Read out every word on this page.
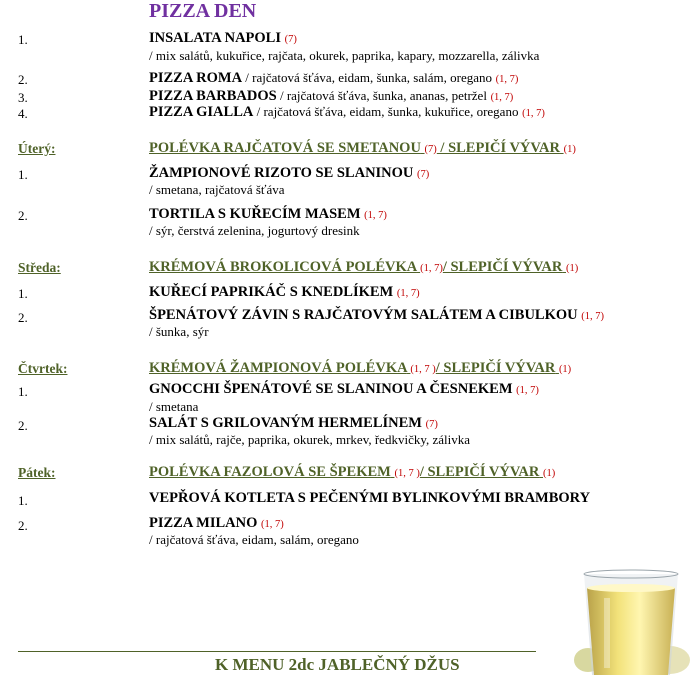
PIZZA DEN
1.	INSALATA NAPOLI (7)
/ mix salátů, kukuřice, rajčata, okurek, paprika, kapary, mozzarella, zálivka
2.	PIZZA ROMA / rajčatová šťáva, eidam, šunka, salám, oregano (1, 7)
3.	PIZZA BARBADOS / rajčatová šťáva, šunka, ananas, petržel (1, 7)
4.	PIZZA GIALLA / rajčatová šťáva, eidam, šunka, kukuřice, oregano (1, 7)
Úterý:	POLÉVKA RAJČATOVÁ SE SMETANOU (7) / SLEPIČÍ VÝVAR (1)
1.	ŽAMPIONOVÉ RIZOTO SE SLANINOU (7)
/ smetana, rajčatová šťáva
2.	TORTILA S KUŘECÍM MASEM (1, 7)
/ sýr, čerstvá zelenina, jogurtový dresink
Středa:	KRÉMOVÁ BROKOLICOVÁ POLÉVKA (1, 7)/ SLEPIČÍ VÝVAR (1)
1.	KUŘECÍ PAPRIKÁČ S KNEDLÍKEM (1, 7)
2.	ŠPENÁTOVÝ ZÁVIN S RAJČATOVÝM SALÁTEM A CIBULKOU (1, 7)
/ šunka, sýr
Čtvrtek:	KRÉMOVÁ ŽAMPIONOVÁ POLÉVKA (1, 7 )/ SLEPIČÍ VÝVAR (1)
1.	GNOCCHI ŠPENÁTOVÉ SE SLANINOU A ČESNEKEM (1, 7)
/ smetana
2.	SALÁT S GRILOVANÝM HERMELÍNEM (7)
/ mix salátů, rajče, paprika, okurek, mrkev, ředkvičky, zálivka
Pátek:	POLÉVKA FAZOLOVÁ SE ŠPEKEM (1, 7 )/ SLEPIČÍ VÝVAR (1)
1.	VEPŘOVÁ KOTLETA S PEČENÝMI BYLINKOVÝMI BRAMBORY
2.	PIZZA MILANO (1, 7)
/ rajčatová šťáva, eidam, salám, oregano
K MENU 2dc JABLEČNÝ DŽUS
